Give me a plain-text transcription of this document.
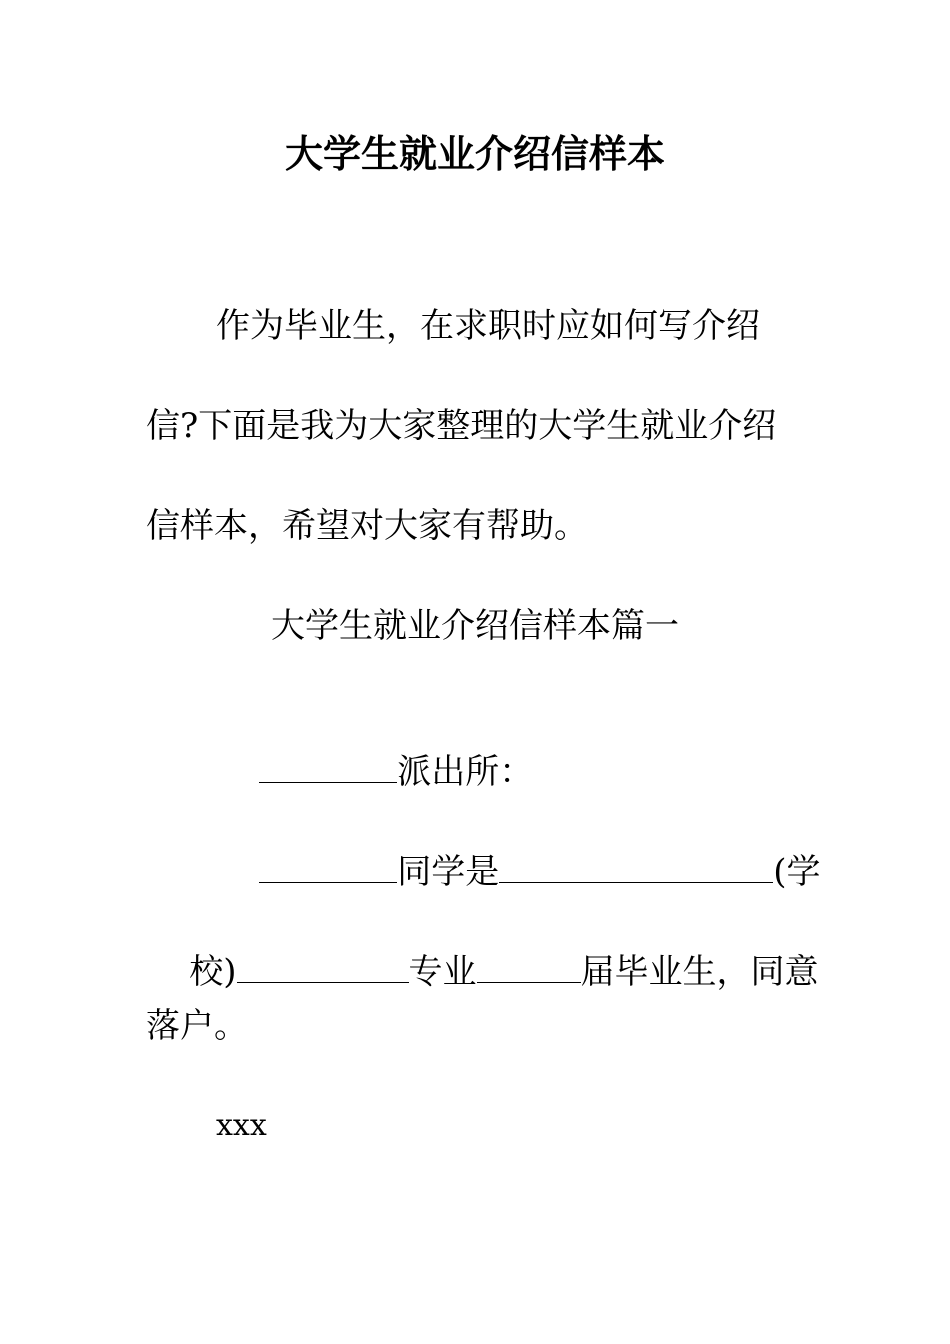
大学生就业介绍信样本
作为毕业生，在求职时应如何写介绍
信?下面是我为大家整理的大学生就业介绍
信样本，希望对大家有帮助。
大学生就业介绍信样本篇一

派出所：

同学是	(学

校)	专业	届毕业生，同意

落户。
xxx
